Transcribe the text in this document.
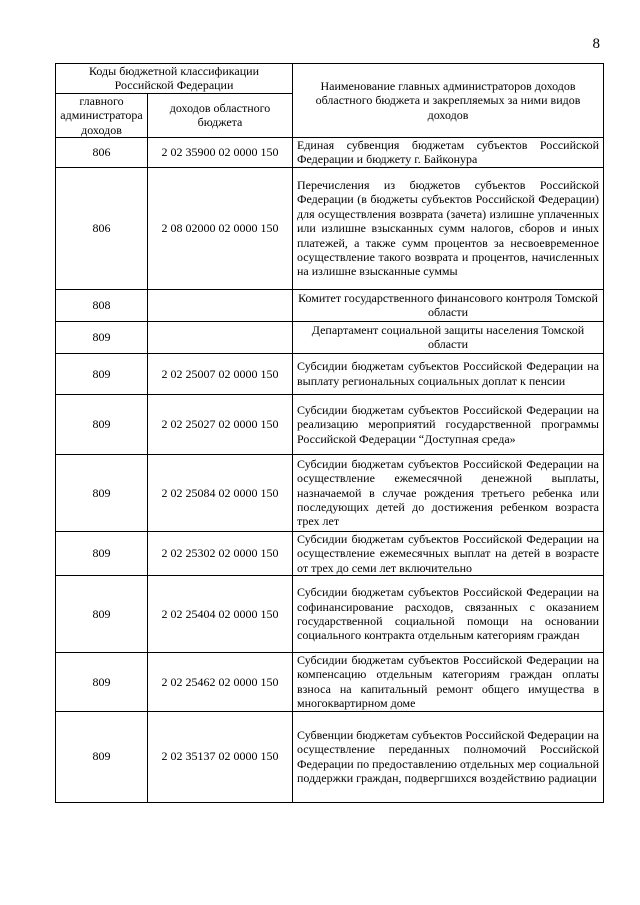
8
Коды бюджетной классификации Российской Федерации		Наименование главных администраторов доходов областного бюджета и закрепляемых за ними видов доходов
главного администратора доходов	доходов областного бюджета	
806	2 02 35900 02 0000 150	Единая субвенция бюджетам субъектов Российской Федерации и бюджету г. Байконура
806	2 08 02000 02 0000 150	Перечисления из бюджетов субъектов Российской Федерации (в бюджеты субъектов Российской Федерации) для осуществления возврата (зачета) излишне уплаченных или излишне взысканных сумм налогов, сборов и иных платежей, а также сумм процентов за несвоевременное осуществление такого возврата и процентов, начисленных на излишне взысканные суммы
808		Комитет государственного финансового контроля Томской области
809		Департамент социальной защиты населения Томской области
809	2 02 25007 02 0000 150	Субсидии бюджетам субъектов Российской Федерации на выплату региональных социальных доплат к пенсии
809	2 02 25027 02 0000 150	Субсидии бюджетам субъектов Российской Федерации на реализацию мероприятий государственной программы Российской Федерации “Доступная среда»
809	2 02 25084 02 0000 150	Субсидии бюджетам субъектов Российской Федерации на осуществление ежемесячной денежной выплаты, назначаемой в случае рождения третьего ребенка или последующих детей до достижения ребенком возраста трех лет
809	2 02 25302 02 0000 150	Субсидии бюджетам субъектов Российской Федерации на осуществление ежемесячных выплат на детей в возрасте от трех до семи лет включительно
809	2 02 25404 02 0000 150	Субсидии бюджетам субъектов Российской Федерации на софинансирование расходов, связанных с оказанием государственной социальной помощи на основании социального контракта отдельным категориям граждан
809	2 02 25462 02 0000 150	Субсидии бюджетам субъектов Российской Федерации на компенсацию отдельным категориям граждан оплаты взноса на капитальный ремонт общего имущества в многоквартирном доме
809	2 02 35137 02 0000 150	Субвенции бюджетам субъектов Российской Федерации на осуществление переданных полномочий Российской Федерации по предоставлению отдельных мер социальной поддержки граждан, подвергшихся воздействию радиации
